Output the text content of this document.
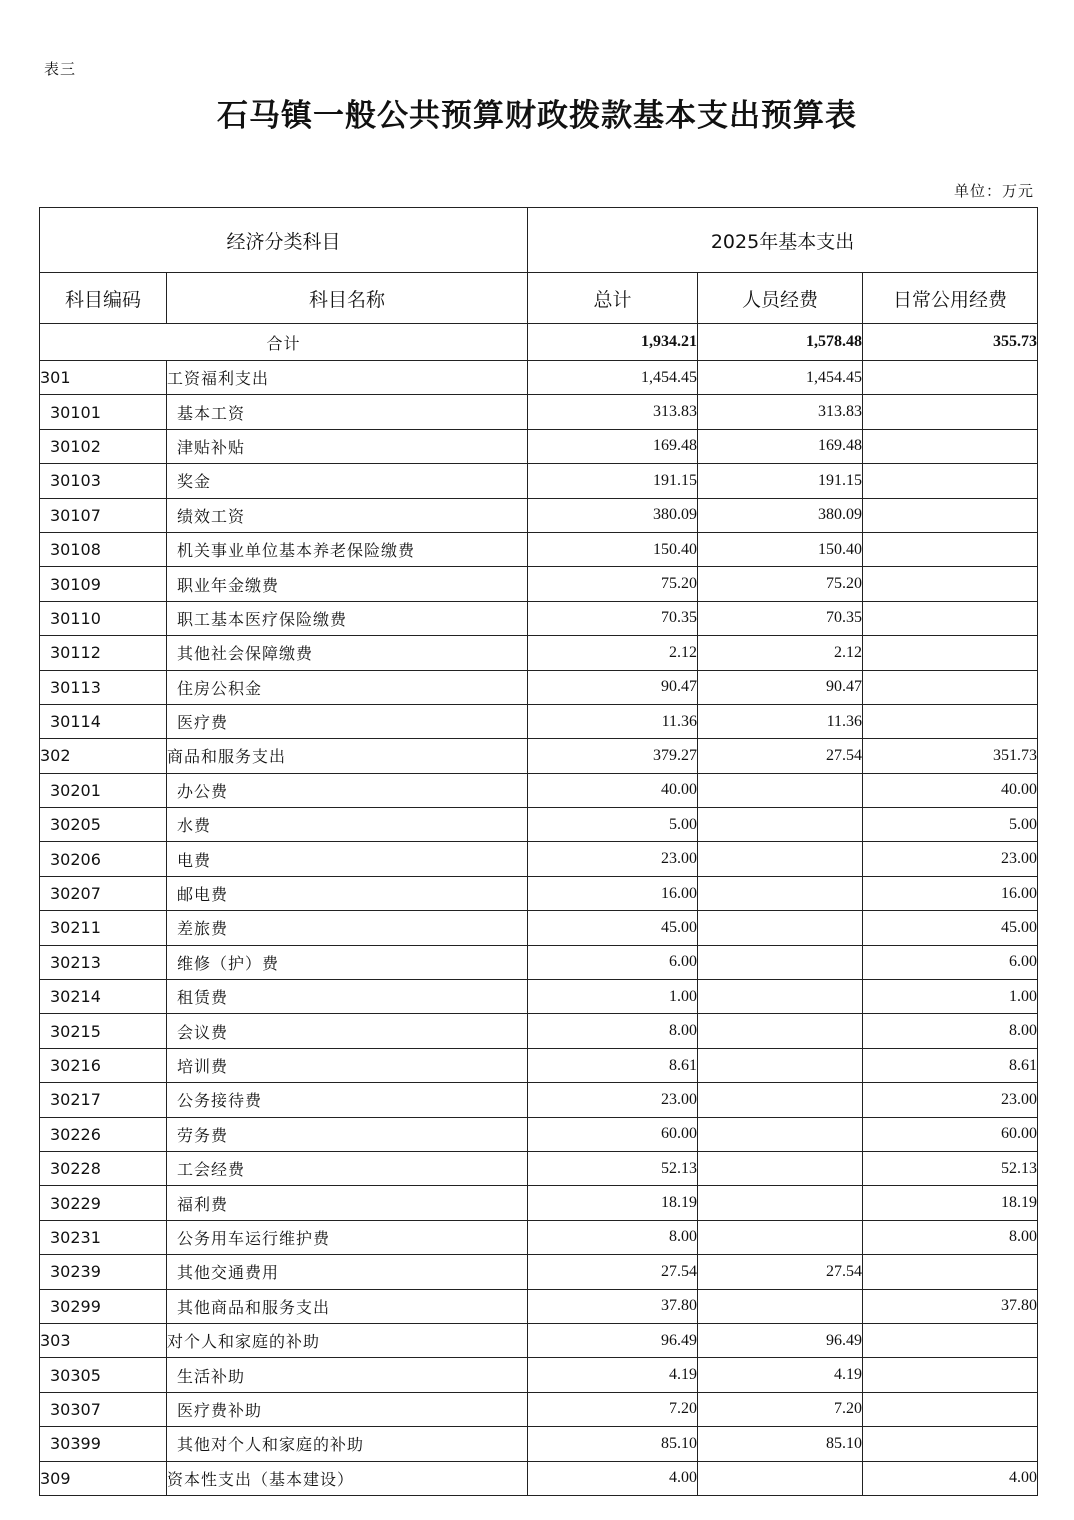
表三
石马镇一般公共预算财政拨款基本支出预算表
单位：万元
经济分类科目		2025年基本支出		
科目编码	科目名称	总计	人员经费	日常公用经费
合计		1,934.21	1,578.48	355.73
301	工资福利支出	1,454.45	1,454.45	
30101	基本工资	313.83	313.83	
30102	津贴补贴	169.48	169.48	
30103	奖金	191.15	191.15	
30107	绩效工资	380.09	380.09	
30108	机关事业单位基本养老保险缴费	150.40	150.40	
30109	职业年金缴费	75.20	75.20	
30110	职工基本医疗保险缴费	70.35	70.35	
30112	其他社会保障缴费	2.12	2.12	
30113	住房公积金	90.47	90.47	
30114	医疗费	11.36	11.36	
302	商品和服务支出	379.27	27.54	351.73
30201	办公费	40.00		40.00
30205	水费	5.00		5.00
30206	电费	23.00		23.00
30207	邮电费	16.00		16.00
30211	差旅费	45.00		45.00
30213	维修（护）费	6.00		6.00
30214	租赁费	1.00		1.00
30215	会议费	8.00		8.00
30216	培训费	8.61		8.61
30217	公务接待费	23.00		23.00
30226	劳务费	60.00		60.00
30228	工会经费	52.13		52.13
30229	福利费	18.19		18.19
30231	公务用车运行维护费	8.00		8.00
30239	其他交通费用	27.54	27.54	
30299	其他商品和服务支出	37.80		37.80
303	对个人和家庭的补助	96.49	96.49	
30305	生活补助	4.19	4.19	
30307	医疗费补助	7.20	7.20	
30399	其他对个人和家庭的补助	85.10	85.10	
309	资本性支出（基本建设）	4.00		4.00
